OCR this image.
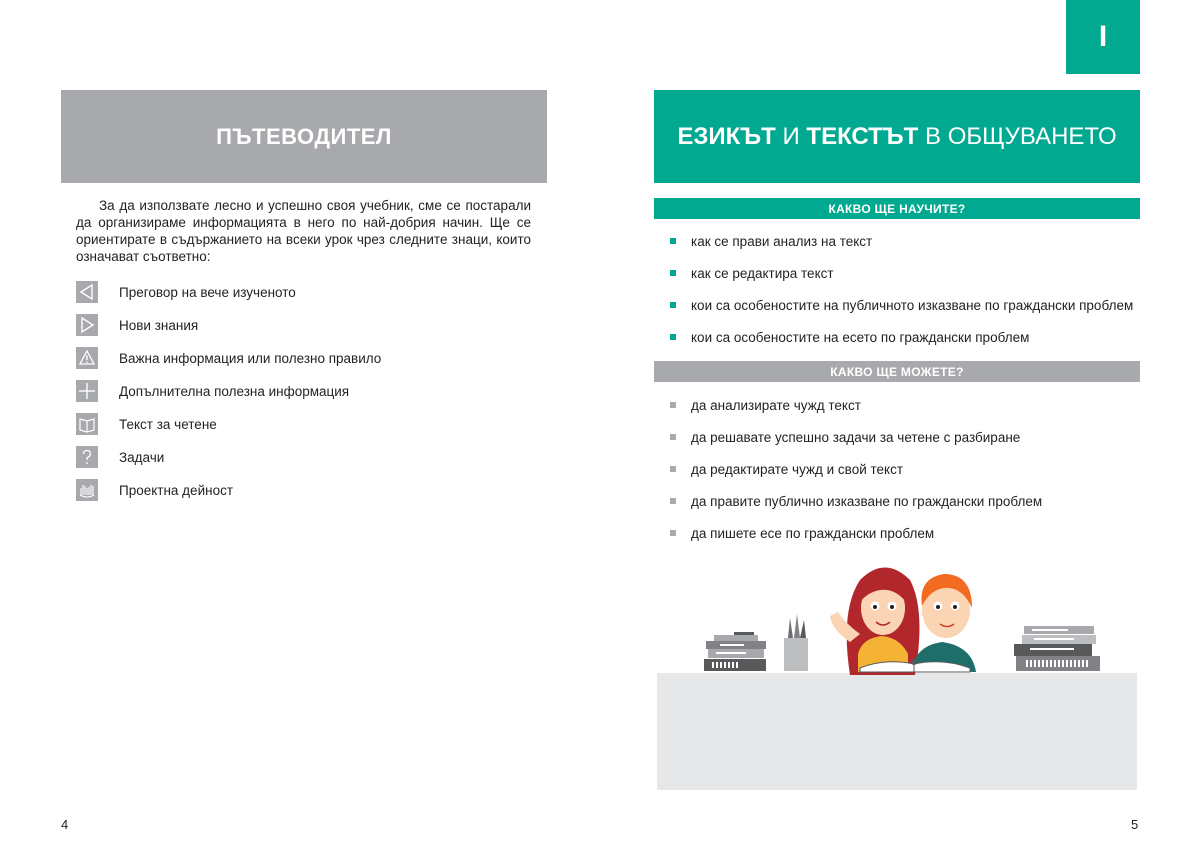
ПЪТЕВОДИТЕЛ

За да използвате лесно и успешно своя учебник, сме се постарали да организираме информацията в него по най-добрия начин. Ще се ориентирате в съдържанието на всеки урок чрез следните знаци, които означават съответно:

Преговор на вече изученото
Нови знания
Важна информация или полезно правило
Допълнителна полезна информация
Текст за четене
Задачи
Проектна дейност
4
I
ЕЗИКЪТ И ТЕКСТЪТ В ОБЩУВАНЕТО
КАКВО ЩЕ НАУЧИТЕ?
как се прави анализ на текст
как се редактира текст
кои са особеностите на публичното изказване по граждански проблем
кои са особеностите на есето по граждански проблем
КАКВО ЩЕ МОЖЕТЕ?
да анализирате чужд текст
да решавате успешно задачи за четене с разбиране
да редактирате чужд и свой текст
да правите публично изказване по граждански проблем
да пишете есе по граждански проблем
5
